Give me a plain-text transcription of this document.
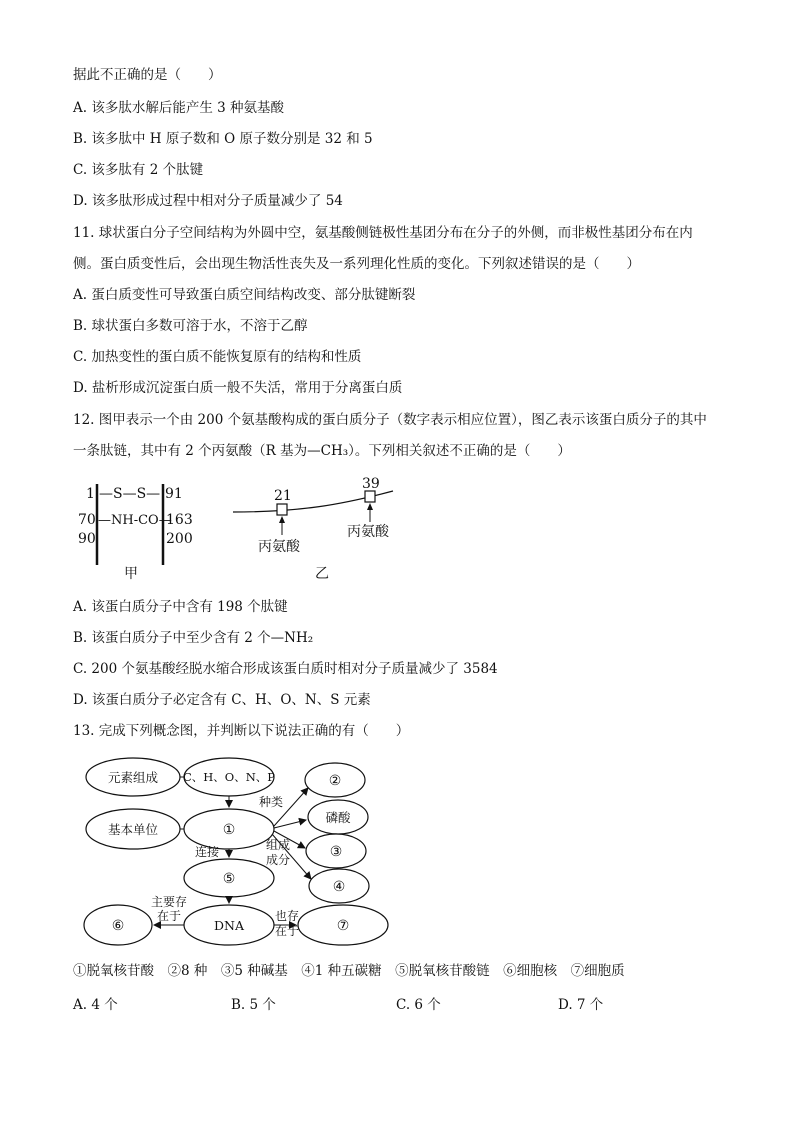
据此不正确的是（　　）
A. 该多肽水解后能产生 3 种氨基酸
B. 该多肽中 H 原子数和 O 原子数分别是 32 和 5
C. 该多肽有 2 个肽键
D. 该多肽形成过程中相对分子质量减少了 54
11. 球状蛋白分子空间结构为外圆中空，氨基酸侧链极性基团分布在分子的外侧，而非极性基团分布在内
侧。蛋白质变性后，会出现生物活性丧失及一系列理化性质的变化。下列叙述错误的是（　　）
A. 蛋白质变性可导致蛋白质空间结构改变、部分肽键断裂
B. 球状蛋白多数可溶于水，不溶于乙醇
C. 加热变性的蛋白质不能恢复原有的结构和性质
D. 盐析形成沉淀蛋白质一般不失活，常用于分离蛋白质
12. 图甲表示一个由 200 个氨基酸构成的蛋白质分子（数字表示相应位置），图乙表示该蛋白质分子的其中
一条肽链，其中有 2 个丙氨酸（R 基为—CH₃）。下列相关叙述不正确的是（　　）
1 —S—S— 91
70 —NH-CO—
163
90	200
甲
21
39
丙氨酸
丙氨酸
乙
A. 该蛋白质分子中含有 198 个肽键
B. 该蛋白质分子中至少含有 2 个—NH₂
C. 200 个氨基酸经脱水缩合形成该蛋白质时相对分子质量减少了 3584
D. 该蛋白质分子必定含有 C、H、O、N、S 元素
13. 完成下列概念图，并判断以下说法正确的有（　　）
元素组成 C、H、O、N、P
基本单位	①
②
磷酸
③
④
⑤
DNA
⑥	⑦
种类
连接	组成
成分
主要存
在于	也存
在于
①脱氧核苷酸　②8 种　③5 种碱基　④1 种五碳糖　⑤脱氧核苷酸链　⑥细胞核　⑦细胞质
A. 4 个	B. 5 个	C. 6 个	D. 7 个
